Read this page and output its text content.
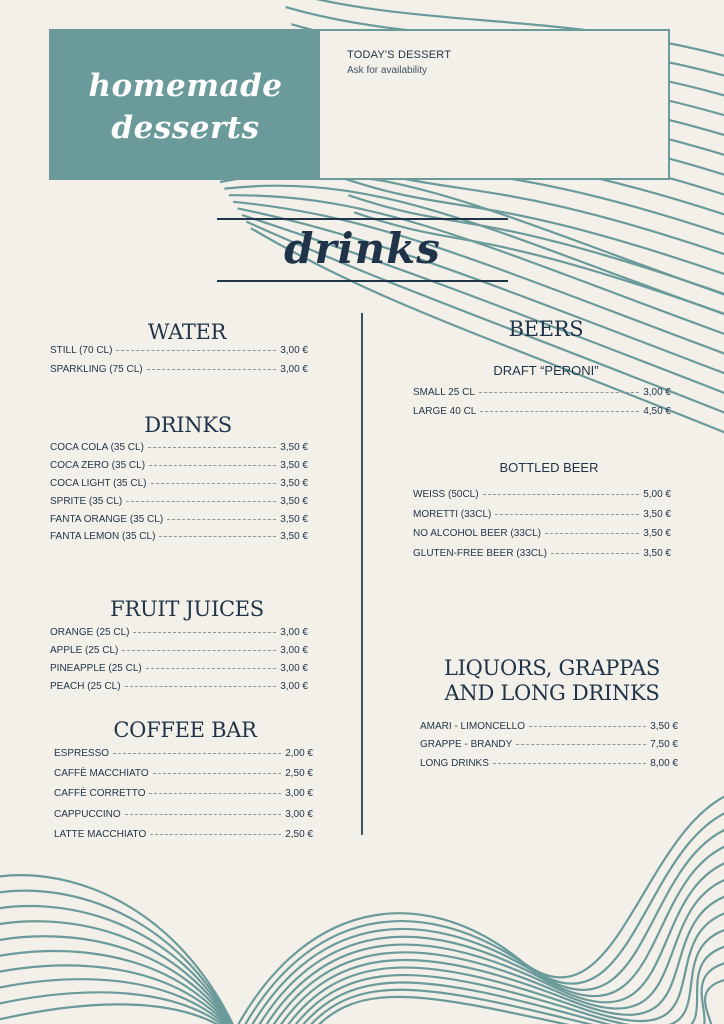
homemade
desserts
TODAY'S DESSERT
Ask for availability
drinks
WATER
STILL (70 CL)	3,00 €
SPARKLING (75 CL)	3,00 €
DRINKS
COCA COLA (35 CL)	3,50 €
COCA ZERO (35 CL)	3,50 €
COCA LIGHT (35 CL)	3,50 €
SPRITE (35 CL)	3,50 €
FANTA ORANGE (35 CL)	3,50 €
FANTA LEMON (35 CL)	3,50 €
FRUIT JUICES
ORANGE (25 CL)	3,00 €
APPLE (25 CL)	3,00 €
PINEAPPLE (25 CL)	3,00 €
PEACH (25 CL)	3,00 €
COFFEE BAR
ESPRESSO	2,00 €
CAFFÈ MACCHIATO	2,50 €
CAFFÈ CORRETTO	3,00 €
CAPPUCCINO	3,00 €
LATTE MACCHIATO	2,50 €
BEERS
DRAFT “PERONI”
SMALL 25 CL	3,00 €
LARGE 40 CL	4,50 €
BOTTLED BEER
WEISS (50CL)	5,00 €
MORETTI (33CL)	3,50 €
NO ALCOHOL BEER (33CL)	3,50 €
GLUTEN-FREE BEER (33CL)	3,50 €
LIQUORS, GRAPPAS
AND LONG DRINKS
AMARI - LIMONCELLO	3,50 €
GRAPPE - BRANDY	7,50 €
LONG DRINKS	8,00 €
